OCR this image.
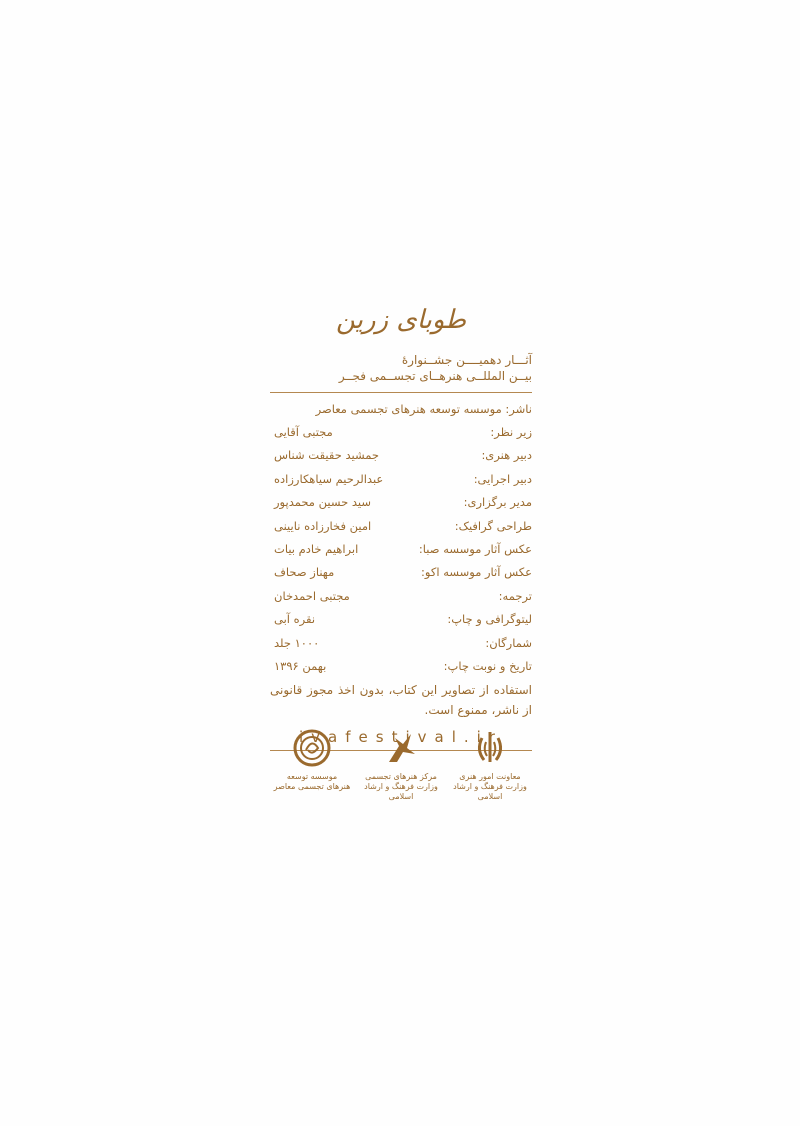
طوبای زرین
آثـــار دهمیــــن جشــنوارهٔ
بیــن المللــی هنرهــای تجســمی فجــر
ناشر: موسسه توسعه هنرهای تجسمی معاصر
زیر نظر:
مجتبی آقایی
دبیر هنری:
جمشید حقیقت شناس
دبیر اجرایی:
عبدالرحیم سیاهکارزاده
مدیر برگزاری:
سید حسین محمدپور
طراحی گرافیک:
امین فخارزاده نایینی
عکس آثار موسسه صبا:
ابراهیم خادم بیات
عکس آثار موسسه اکو:
مهناز صحاف
ترجمه:
مجتبی احمدخان
لیتوگرافی و چاپ:
نقره آبی
شمارگان:
۱۰۰۰ جلد
تاریخ و نوبت چاپ:
بهمن ۱۳۹۶
استفاده از تصاویر این کتاب، بدون اخذ مجوز قانونی از ناشر، ممنوع است.
ivafestival.ir
موسسه توسعه
هنرهای تجسمی معاصر
مرکز هنرهای تجسمی
وزارت فرهنگ و ارشاد اسلامی
معاونت امور هنری
وزارت فرهنگ و ارشاد اسلامی
